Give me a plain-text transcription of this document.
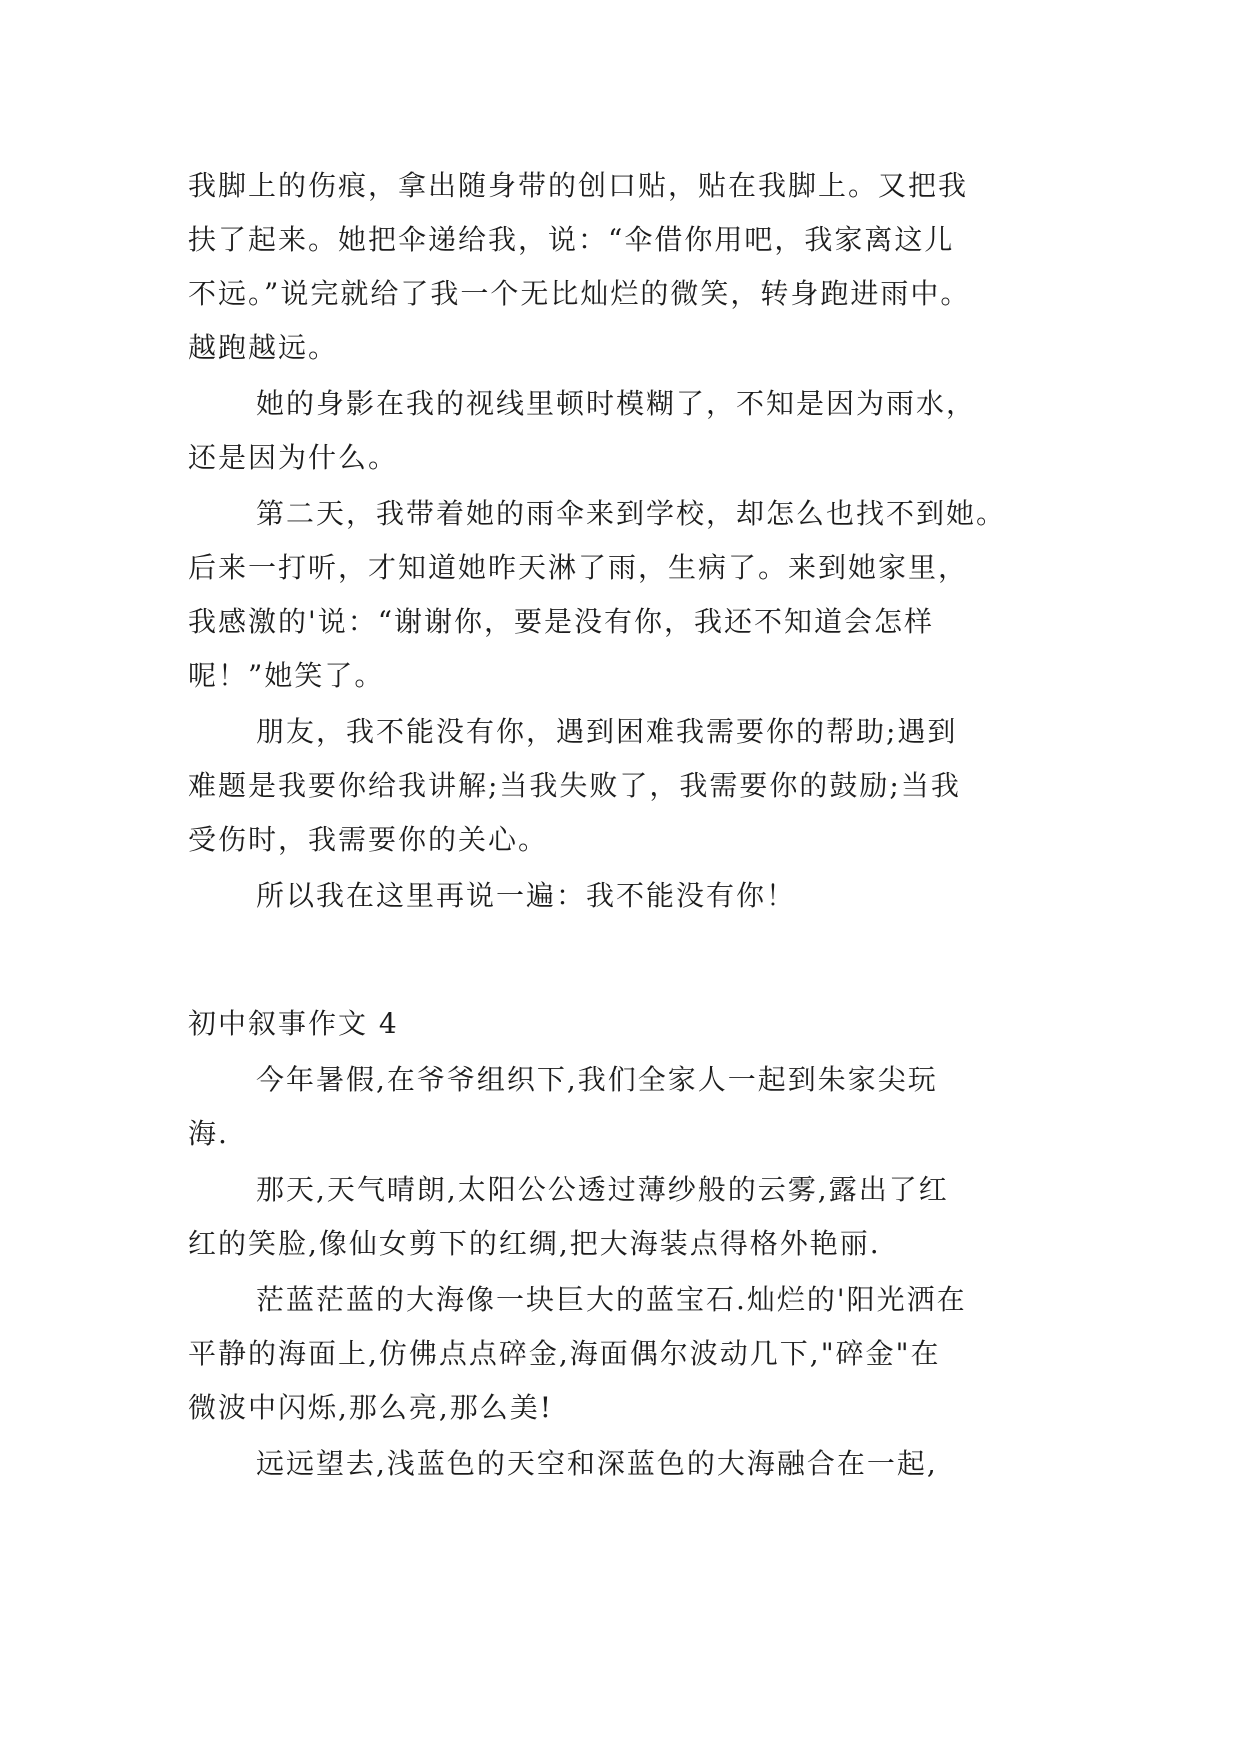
我脚上的伤痕，拿出随身带的创口贴，贴在我脚上。又把我
扶了起来。她把伞递给我，说：“伞借你用吧，我家离这儿
不远。”说完就给了我一个无比灿烂的微笑，转身跑进雨中。
越跑越远。
她的身影在我的视线里顿时模糊了，不知是因为雨水，
还是因为什么。
第二天，我带着她的雨伞来到学校，却怎么也找不到她。
后来一打听，才知道她昨天淋了雨，生病了。来到她家里，
我感激的'说：“谢谢你，要是没有你，我还不知道会怎样
呢！”她笑了。
朋友，我不能没有你，遇到困难我需要你的帮助;遇到
难题是我要你给我讲解;当我失败了，我需要你的鼓励;当我
受伤时，我需要你的关心。
所以我在这里再说一遍：我不能没有你！
初中叙事作文 4
今年暑假,在爷爷组织下,我们全家人一起到朱家尖玩
海.
那天,天气晴朗,太阳公公透过薄纱般的云雾,露出了红
红的笑脸,像仙女剪下的红绸,把大海装点得格外艳丽.
茫蓝茫蓝的大海像一块巨大的蓝宝石.灿烂的'阳光洒在
平静的海面上,仿佛点点碎金,海面偶尔波动几下,"碎金"在
微波中闪烁,那么亮,那么美!
远远望去,浅蓝色的天空和深蓝色的大海融合在一起,
